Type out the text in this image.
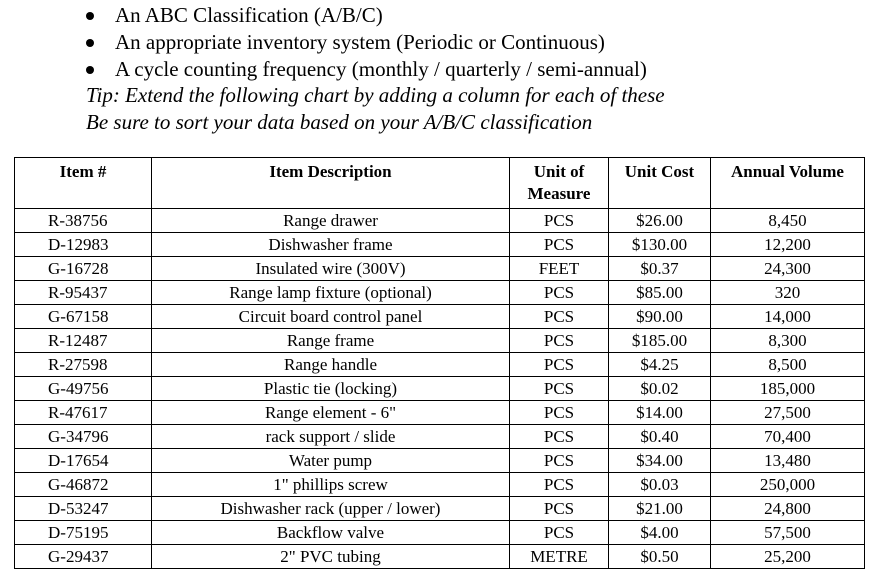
An ABC Classification (A/B/C)
An appropriate inventory system (Periodic or Continuous)
A cycle counting frequency (monthly / quarterly / semi-annual)
Tip: Extend the following chart by adding a column for each of these
Be sure to sort your data based on your A/B/C classification
Item #	Item Description	Unit of Measure	Unit Cost	Annual Volume
R-38756	Range drawer	PCS	$26.00	8,450
D-12983	Dishwasher frame	PCS	$130.00	12,200
G-16728	Insulated wire (300V)	FEET	$0.37	24,300
R-95437	Range lamp fixture (optional)	PCS	$85.00	320
G-67158	Circuit board control panel	PCS	$90.00	14,000
R-12487	Range frame	PCS	$185.00	8,300
R-27598	Range handle	PCS	$4.25	8,500
G-49756	Plastic tie (locking)	PCS	$0.02	185,000
R-47617	Range element - 6"	PCS	$14.00	27,500
G-34796	rack support / slide	PCS	$0.40	70,400
D-17654	Water pump	PCS	$34.00	13,480
G-46872	1" phillips screw	PCS	$0.03	250,000
D-53247	Dishwasher rack (upper / lower)	PCS	$21.00	24,800
D-75195	Backflow valve	PCS	$4.00	57,500
G-29437	2" PVC tubing	METRE	$0.50	25,200
